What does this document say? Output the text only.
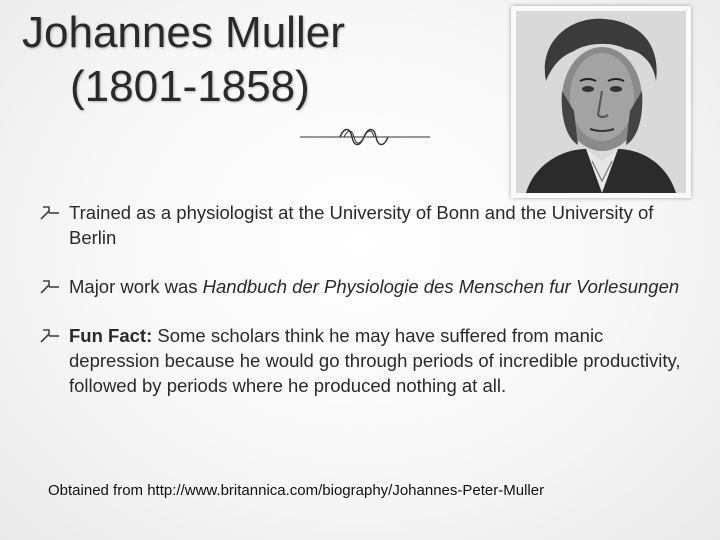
Johannes Muller
(1801-1858)
Trained as a physiologist at the University of Bonn and the University of Berlin
Major work was Handbuch der Physiologie des Menschen fur Vorlesungen
Fun Fact: Some scholars think he may have suffered from manic depression because he would go through periods of incredible productivity, followed by periods where he produced nothing at all.
Obtained from http://www.britannica.com/biography/Johannes-Peter-Muller
